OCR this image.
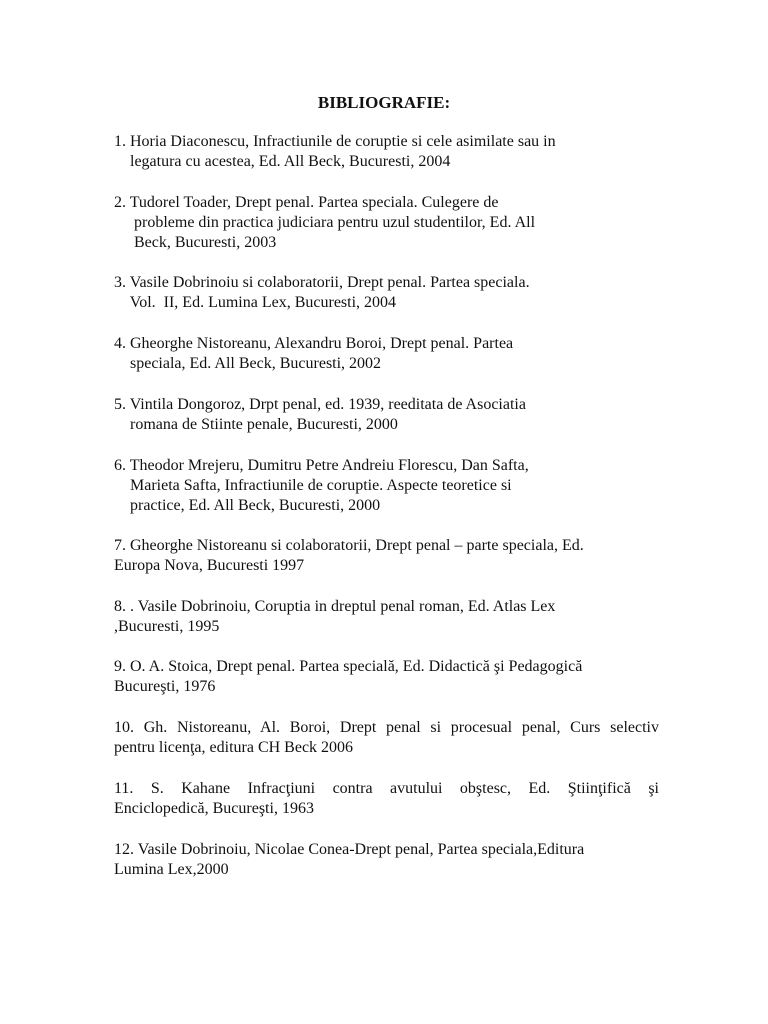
BIBLIOGRAFIE:
1. Horia Diaconescu, Infractiunile de coruptie si cele asimilate sau in
legatura cu acestea, Ed. All Beck, Bucuresti, 2004
2. Tudorel Toader, Drept penal. Partea speciala. Culegere de
probleme din practica judiciara pentru uzul studentilor, Ed. All
Beck, Bucuresti, 2003
3. Vasile Dobrinoiu si colaboratorii, Drept penal. Partea speciala.
Vol.  II, Ed. Lumina Lex, Bucuresti, 2004
4. Gheorghe Nistoreanu, Alexandru Boroi, Drept penal. Partea
speciala, Ed. All Beck, Bucuresti, 2002
5. Vintila Dongoroz, Drpt penal, ed. 1939, reeditata de Asociatia
romana de Stiinte penale, Bucuresti, 2000
6. Theodor Mrejeru, Dumitru Petre Andreiu Florescu, Dan Safta,
Marieta Safta, Infractiunile de coruptie. Aspecte teoretice si
practice, Ed. All Beck, Bucuresti, 2000
7. Gheorghe Nistoreanu si colaboratorii, Drept penal – parte speciala, Ed.
Europa Nova, Bucuresti 1997
8. . Vasile Dobrinoiu, Coruptia in dreptul penal roman, Ed. Atlas Lex
,Bucuresti, 1995
9. O. A. Stoica, Drept penal. Partea specială, Ed. Didactică şi Pedagogică
Bucureşti, 1976
10. Gh. Nistoreanu, Al. Boroi, Drept penal si procesual penal, Curs selectiv
pentru licenţa, editura CH Beck 2006
11. S. Kahane Infracţiuni contra avutului obştesc, Ed. Ştiinţifică şi
Enciclopedică, Bucureşti, 1963
12. Vasile Dobrinoiu, Nicolae Conea-Drept penal, Partea speciala,Editura
Lumina Lex,2000
